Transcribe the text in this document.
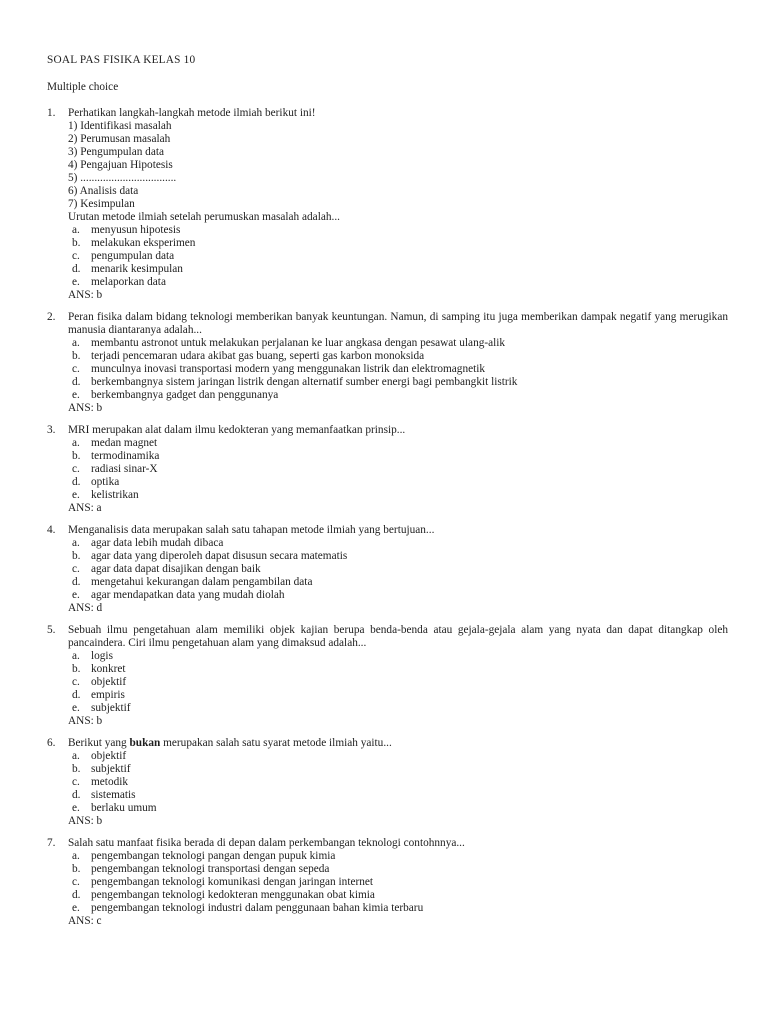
SOAL PAS FISIKA KELAS 10
Multiple choice
1.	Perhatikan langkah-langkah metode ilmiah berikut ini!
1) Identifikasi masalah
2) Perumusan masalah
3) Pengumpulan data
4) Pengajuan Hipotesis
5) ..................................
6) Analisis data
7) Kesimpulan
Urutan metode ilmiah setelah perumuskan masalah adalah...
a. menyusun hipotesis
b. melakukan eksperimen
c. pengumpulan data
d. menarik kesimpulan
e. melaporkan data
ANS: b
2.	Peran fisika dalam bidang teknologi memberikan banyak keuntungan. Namun, di samping itu juga memberikan dampak negatif yang merugikan manusia diantaranya adalah...
a. membantu astronot untuk melakukan perjalanan ke luar angkasa dengan pesawat ulang-alik
b. terjadi pencemaran udara akibat gas buang, seperti gas karbon monoksida
c. munculnya inovasi transportasi modern yang menggunakan listrik dan elektromagnetik
d. berkembangnya sistem jaringan listrik dengan alternatif sumber energi bagi pembangkit listrik
e. berkembangnya gadget dan penggunanya
ANS: b
3.	MRI merupakan alat dalam ilmu kedokteran yang memanfaatkan prinsip...
a. medan magnet
b. termodinamika
c. radiasi sinar-X
d. optika
e. kelistrikan
ANS: a
4.	Menganalisis data merupakan salah satu tahapan metode ilmiah yang bertujuan...
a. agar data lebih mudah dibaca
b. agar data yang diperoleh dapat disusun secara matematis
c. agar data dapat disajikan dengan baik
d. mengetahui kekurangan dalam pengambilan data
e. agar mendapatkan data yang mudah diolah
ANS: d
5.	Sebuah ilmu pengetahuan alam memiliki objek kajian berupa benda-benda atau gejala-gejala alam yang nyata dan dapat ditangkap oleh pancaindera. Ciri ilmu pengetahuan alam yang dimaksud adalah...
a. logis
b. konkret
c. objektif
d. empiris
e. subjektif
ANS: b
6.	Berikut yang bukan merupakan salah satu syarat metode ilmiah yaitu...
a. objektif
b. subjektif
c. metodik
d. sistematis
e. berlaku umum
ANS: b
7.	Salah satu manfaat fisika berada di depan dalam perkembangan teknologi contohnnya...
a. pengembangan teknologi pangan dengan pupuk kimia
b. pengembangan teknologi transportasi dengan sepeda
c. pengembangan teknologi komunikasi dengan jaringan internet
d. pengembangan teknologi kedokteran menggunakan obat kimia
e. pengembangan teknologi industri dalam penggunaan bahan kimia terbaru
ANS: c
